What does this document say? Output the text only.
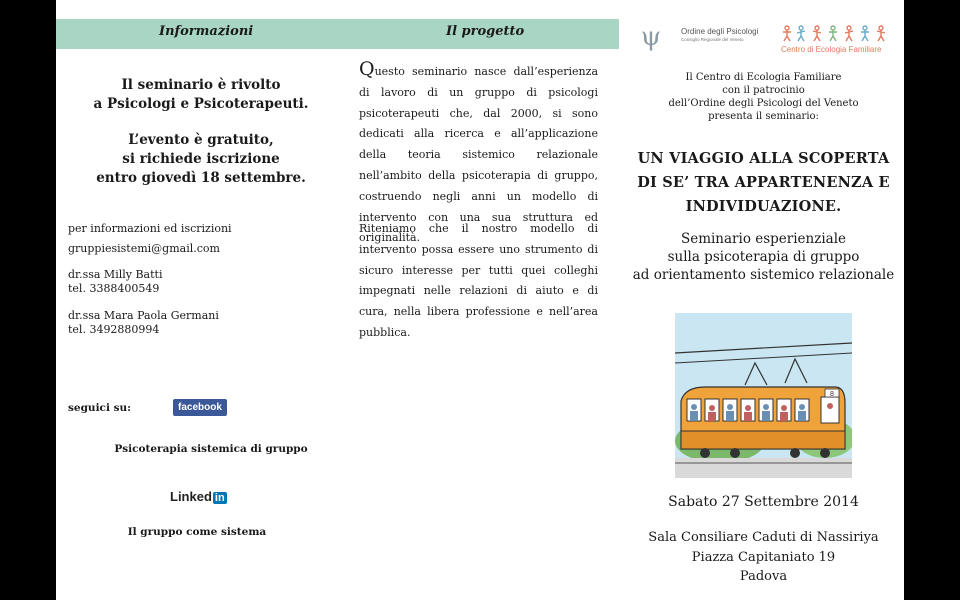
Informazioni	Il progetto
Il seminario è rivolto
a Psicologi e Psicoterapeuti.
L’evento è gratuito,
si richiede iscrizione
entro giovedì 18 settembre.
per informazioni ed iscrizioni
gruppiesistemi@gmail.com
dr.ssa Milly Batti
tel. 3388400549
dr.ssa Mara Paola Germani
tel. 3492880994
seguici su:	facebook
Psicoterapia sistemica di gruppo
Linked in
Il gruppo come sistema
Questo seminario nasce dall’esperienza di lavoro di un gruppo di psicologi psicoterapeuti che, dal 2000, si sono dedicati alla ricerca e all’applicazione della teoria sistemico relazionale nell’ambito della psicoterapia di gruppo, costruendo negli anni un modello di intervento con una sua struttura ed originalità.
Riteniamo che il nostro modello di intervento possa essere uno strumento di sicuro interesse per tutti quei colleghi impegnati nelle relazioni di aiuto e di cura, nella libera professione e nell’area pubblica.
ψ Ordine degli Psicologi
Consiglio Regionale del Veneto
Centro di Ecologia Familiare
Il Centro di Ecologia Familiare
con il patrocinio
dell’Ordine degli Psicologi del Veneto
presenta il seminario:
UN VIAGGIO ALLA SCOPERTA
DI SE’ TRA APPARTENENZA E
INDIVIDUAZIONE.
Seminario esperienziale
sulla psicoterapia di gruppo
ad orientamento sistemico relazionale
8
Sabato 27 Settembre 2014
Sala Consiliare Caduti di Nassiriya
Piazza Capitaniato 19
Padova
